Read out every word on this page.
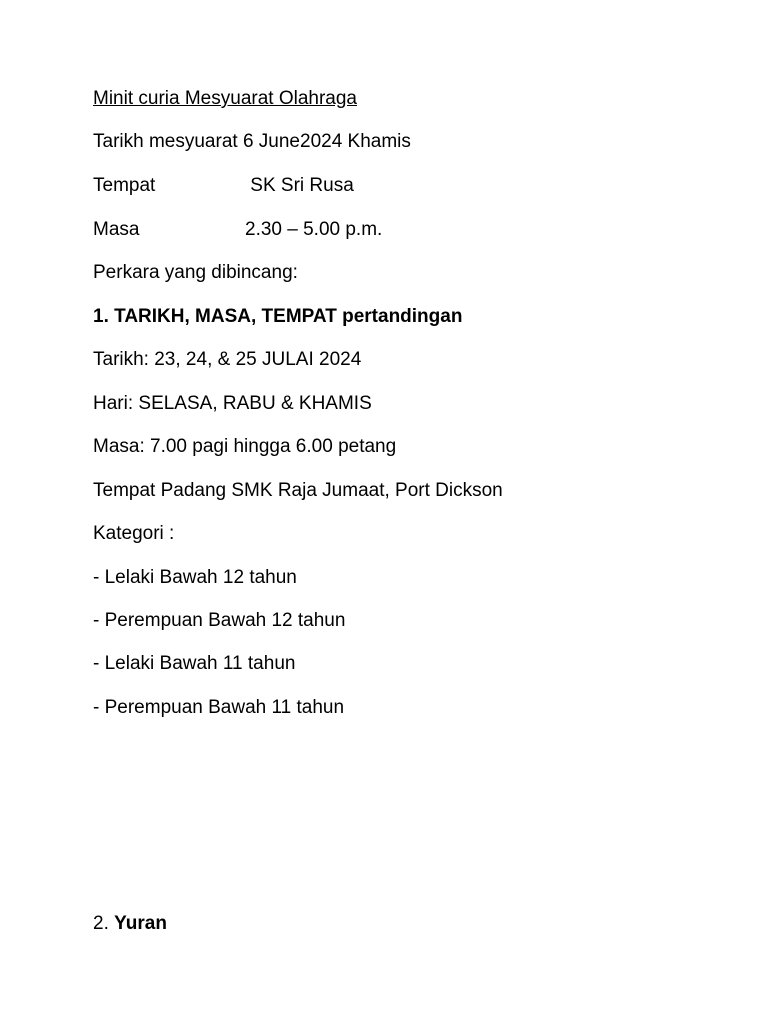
Minit curia Mesyuarat Olahraga
Tarikh mesyuarat 6 June2024 Khamis
Tempat	SK Sri Rusa
Masa	2.30 – 5.00 p.m.
Perkara yang dibincang:
1. TARIKH, MASA, TEMPAT pertandingan
Tarikh: 23, 24, & 25 JULAI 2024
Hari: SELASA, RABU & KHAMIS
Masa: 7.00 pagi hingga 6.00 petang
Tempat Padang SMK Raja Jumaat, Port Dickson
Kategori :
- Lelaki Bawah 12 tahun
- Perempuan Bawah 12 tahun
- Lelaki Bawah 11 tahun
- Perempuan Bawah 11 tahun
2. Yuran
